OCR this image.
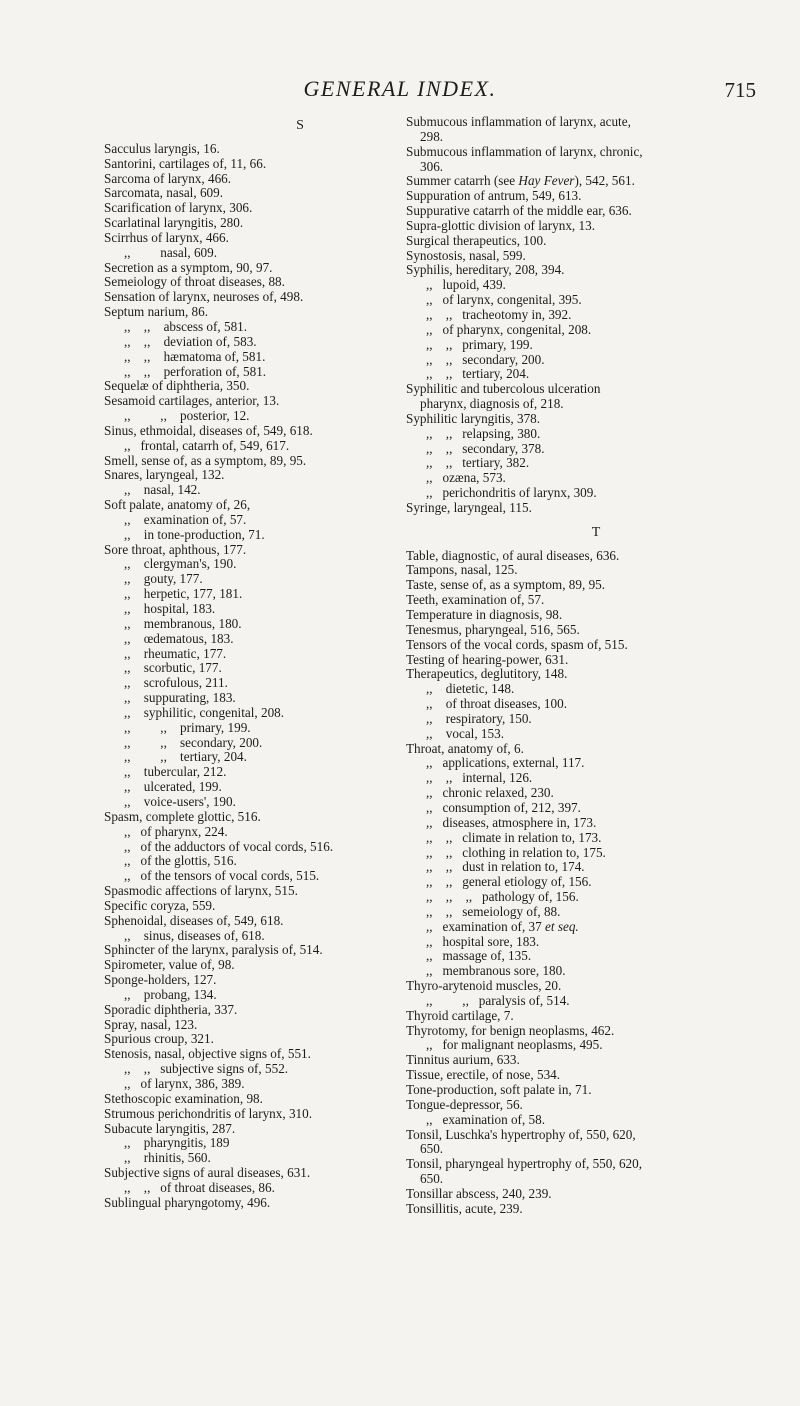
GENERAL INDEX.	715
S
Sacculus laryngis, 16.
Santorini, cartilages of, 11, 66.
Sarcoma of larynx, 466.
Sarcomata, nasal, 609.
Scarification of larynx, 306.
Scarlatinal laryngitis, 280.
Scirrhus of larynx, 466.
,,         nasal, 609.
Secretion as a symptom, 90, 97.
Semeiology of throat diseases, 88.
Sensation of larynx, neuroses of, 498.
Septum narium, 86.
,,    ,,    abscess of, 581.
,,    ,,    deviation of, 583.
,,    ,,    hæmatoma of, 581.
,,    ,,    perforation of, 581.
Sequelæ of diphtheria, 350.
Sesamoid cartilages, anterior, 13.
,,         ,,    posterior, 12.
Sinus, ethmoidal, diseases of, 549, 618.
,,   frontal, catarrh of, 549, 617.
Smell, sense of, as a symptom, 89, 95.
Snares, laryngeal, 132.
,,    nasal, 142.
Soft palate, anatomy of, 26,
,,    examination of, 57.
,,    in tone-production, 71.
Sore throat, aphthous, 177.
,,    clergyman's, 190.
,,    gouty, 177.
,,    herpetic, 177, 181.
,,    hospital, 183.
,,    membranous, 180.
,,    œdematous, 183.
,,    rheumatic, 177.
,,    scorbutic, 177.
,,    scrofulous, 211.
,,    suppurating, 183.
,,    syphilitic, congenital, 208.
,,         ,,    primary, 199.
,,         ,,    secondary, 200.
,,         ,,    tertiary, 204.
,,    tubercular, 212.
,,    ulcerated, 199.
,,    voice-users', 190.
Spasm, complete glottic, 516.
,,   of pharynx, 224.
,,   of the adductors of vocal cords, 516.
,,   of the glottis, 516.
,,   of the tensors of vocal cords, 515.
Spasmodic affections of larynx, 515.
Specific coryza, 559.
Sphenoidal, diseases of, 549, 618.
,,    sinus, diseases of, 618.
Sphincter of the larynx, paralysis of, 514.
Spirometer, value of, 98.
Sponge-holders, 127.
,,    probang, 134.
Sporadic diphtheria, 337.
Spray, nasal, 123.
Spurious croup, 321.
Stenosis, nasal, objective signs of, 551.
,,    ,,   subjective signs of, 552.
,,   of larynx, 386, 389.
Stethoscopic examination, 98.
Strumous perichondritis of larynx, 310.
Subacute laryngitis, 287.
,,    pharyngitis, 189
,,    rhinitis, 560.
Subjective signs of aural diseases, 631.
,,    ,,   of throat diseases, 86.
Sublingual pharyngotomy, 496.
Submucous inflammation of larynx, acute,
298.
Submucous inflammation of larynx, chronic,
306.
Summer catarrh (see Hay Fever), 542, 561.
Suppuration of antrum, 549, 613.
Suppurative catarrh of the middle ear, 636.
Supra-glottic division of larynx, 13.
Surgical therapeutics, 100.
Synostosis, nasal, 599.
Syphilis, hereditary, 208, 394.
,,   lupoid, 439.
,,   of larynx, congenital, 395.
,,    ,,   tracheotomy in, 392.
,,   of pharynx, congenital, 208.
,,    ,,   primary, 199.
,,    ,,   secondary, 200.
,,    ,,   tertiary, 204.
Syphilitic and tubercolous ulceration
pharynx, diagnosis of, 218.
Syphilitic laryngitis, 378.
,,    ,,   relapsing, 380.
,,    ,,   secondary, 378.
,,    ,,   tertiary, 382.
,,   ozæna, 573.
,,   perichondritis of larynx, 309.
Syringe, laryngeal, 115.
T
Table, diagnostic, of aural diseases, 636.
Tampons, nasal, 125.
Taste, sense of, as a symptom, 89, 95.
Teeth, examination of, 57.
Temperature in diagnosis, 98.
Tenesmus, pharyngeal, 516, 565.
Tensors of the vocal cords, spasm of, 515.
Testing of hearing-power, 631.
Therapeutics, deglutitory, 148.
,,    dietetic, 148.
,,    of throat diseases, 100.
,,    respiratory, 150.
,,    vocal, 153.
Throat, anatomy of, 6.
,,   applications, external, 117.
,,    ,,   internal, 126.
,,   chronic relaxed, 230.
,,   consumption of, 212, 397.
,,   diseases, atmosphere in, 173.
,,    ,,   climate in relation to, 173.
,,    ,,   clothing in relation to, 175.
,,    ,,   dust in relation to, 174.
,,    ,,   general etiology of, 156.
,,    ,,    ,,   pathology of, 156.
,,    ,,   semeiology of, 88.
,,   examination of, 37 et seq.
,,   hospital sore, 183.
,,   massage of, 135.
,,   membranous sore, 180.
Thyro-arytenoid muscles, 20.
,,         ,,   paralysis of, 514.
Thyroid cartilage, 7.
Thyrotomy, for benign neoplasms, 462.
,,   for malignant neoplasms, 495.
Tinnitus aurium, 633.
Tissue, erectile, of nose, 534.
Tone-production, soft palate in, 71.
Tongue-depressor, 56.
,,   examination of, 58.
Tonsil, Luschka's hypertrophy of, 550, 620,
650.
Tonsil, pharyngeal hypertrophy of, 550, 620,
650.
Tonsillar abscess, 240, 239.
Tonsillitis, acute, 239.
